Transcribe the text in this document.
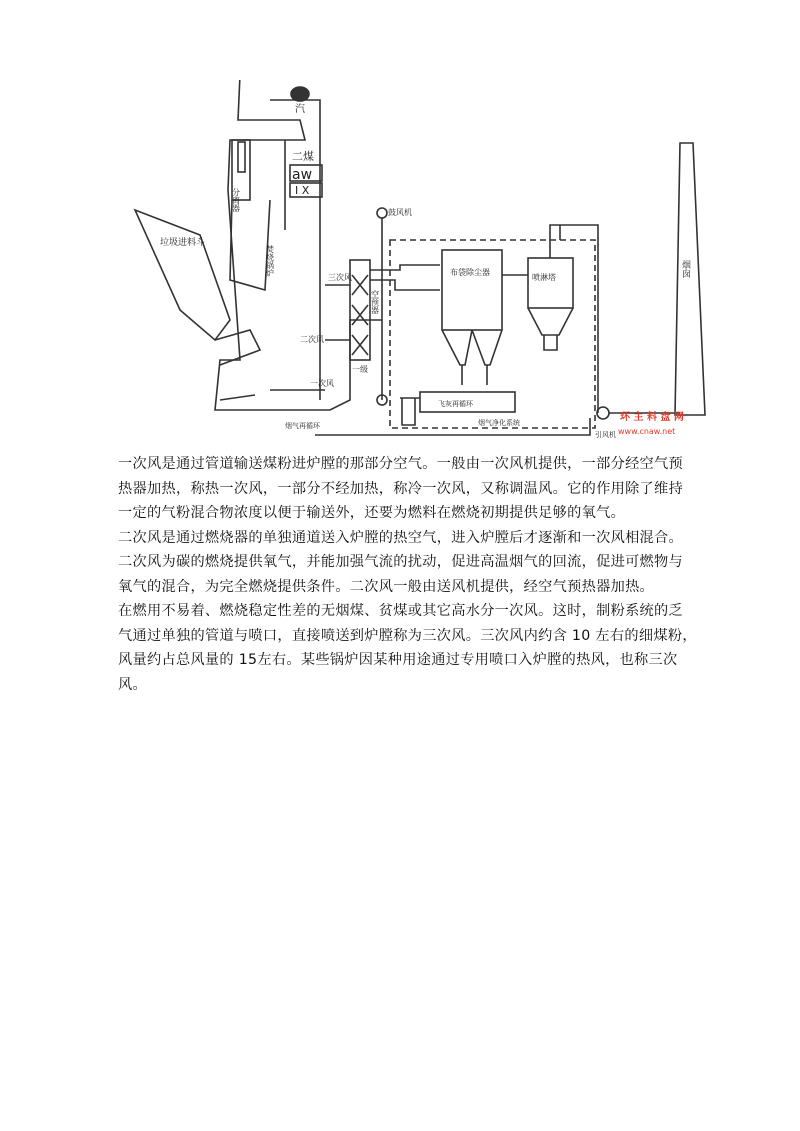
汽
二煤
aw
I X
分离器
垃圾进料斗
焚烧锅炉
三次风
二次风
一次风
一级
空预器
鼓风机
布袋除尘器
喷淋塔
飞灰再循环
烟气再循环	烟气净化系统
引风机
烟囱
环 主 料 盘 网
www.cnaw.net

一次风是通过管道输送煤粉进炉膛的那部分空气。一般由一次风机提供，一部分经空气预 热器加热，称热一次风，一部分不经加热，称冷一次风，又称调温风。它的作用除了维持 一定的气粉混合物浓度以便于输送外，还要为燃料在燃烧初期提供足够的氧气。

二次风是通过燃烧器的单独通道送入炉膛的热空气，进入炉膛后才逐渐和一次风相混合。 二次风为碳的燃烧提供氧气，并能加强气流的扰动，促进高温烟气的回流，促进可燃物与 氧气的混合，为完全燃烧提供条件。二次风一般由送风机提供，经空气预热器加热。

在燃用不易着、燃烧稳定性差的无烟煤、贫煤或其它高水分一次风。这时，制粉系统的乏 气通过单独的管道与喷口，直接喷送到炉膛称为三次风。三次风内约含 10 左右的细煤粉， 风量约占总风量的 15左右。某些锅炉因某种用途通过专用喷口入炉膛的热风，也称三次 风。
